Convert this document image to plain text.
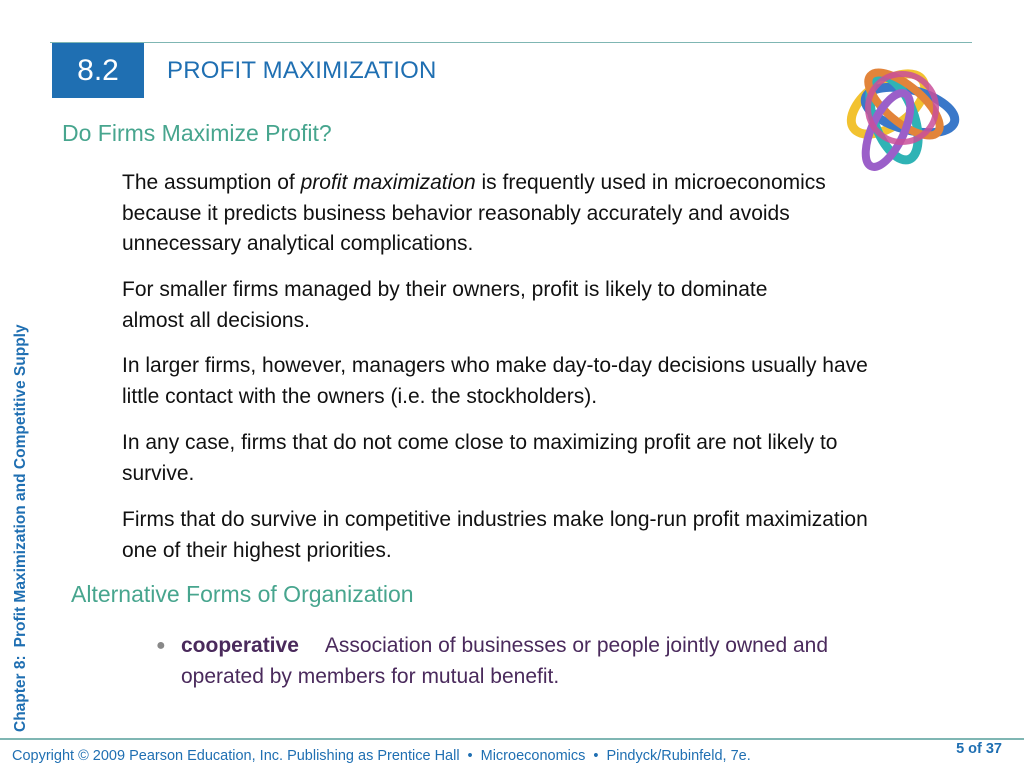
8.2	PROFIT MAXIMIZATION
Chapter 8:Profit Maximization and Competitive Supply
Do Firms Maximize Profit?
The assumption of profit maximization is frequently used in microeconomics because it predicts business behavior reasonably accurately and avoids unnecessary analytical complications.
For smaller firms managed by their owners, profit is likely to dominate almost all decisions.
In larger firms, however, managers who make day-to-day decisions usually have little contact with the owners (i.e. the stockholders).
In any case, firms that do not come close to maximizing profit are not likely to survive.
Firms that do survive in competitive industries make long-run profit maximization one of their highest priorities.
Alternative Forms of Organization
● cooperative Association of businesses or people jointly owned and operated by members for mutual benefit.
Copyright © 2009 Pearson Education, Inc. Publishing as Prentice Hall • Microeconomics • Pindyck/Rubinfeld, 7e.	5 of 37
